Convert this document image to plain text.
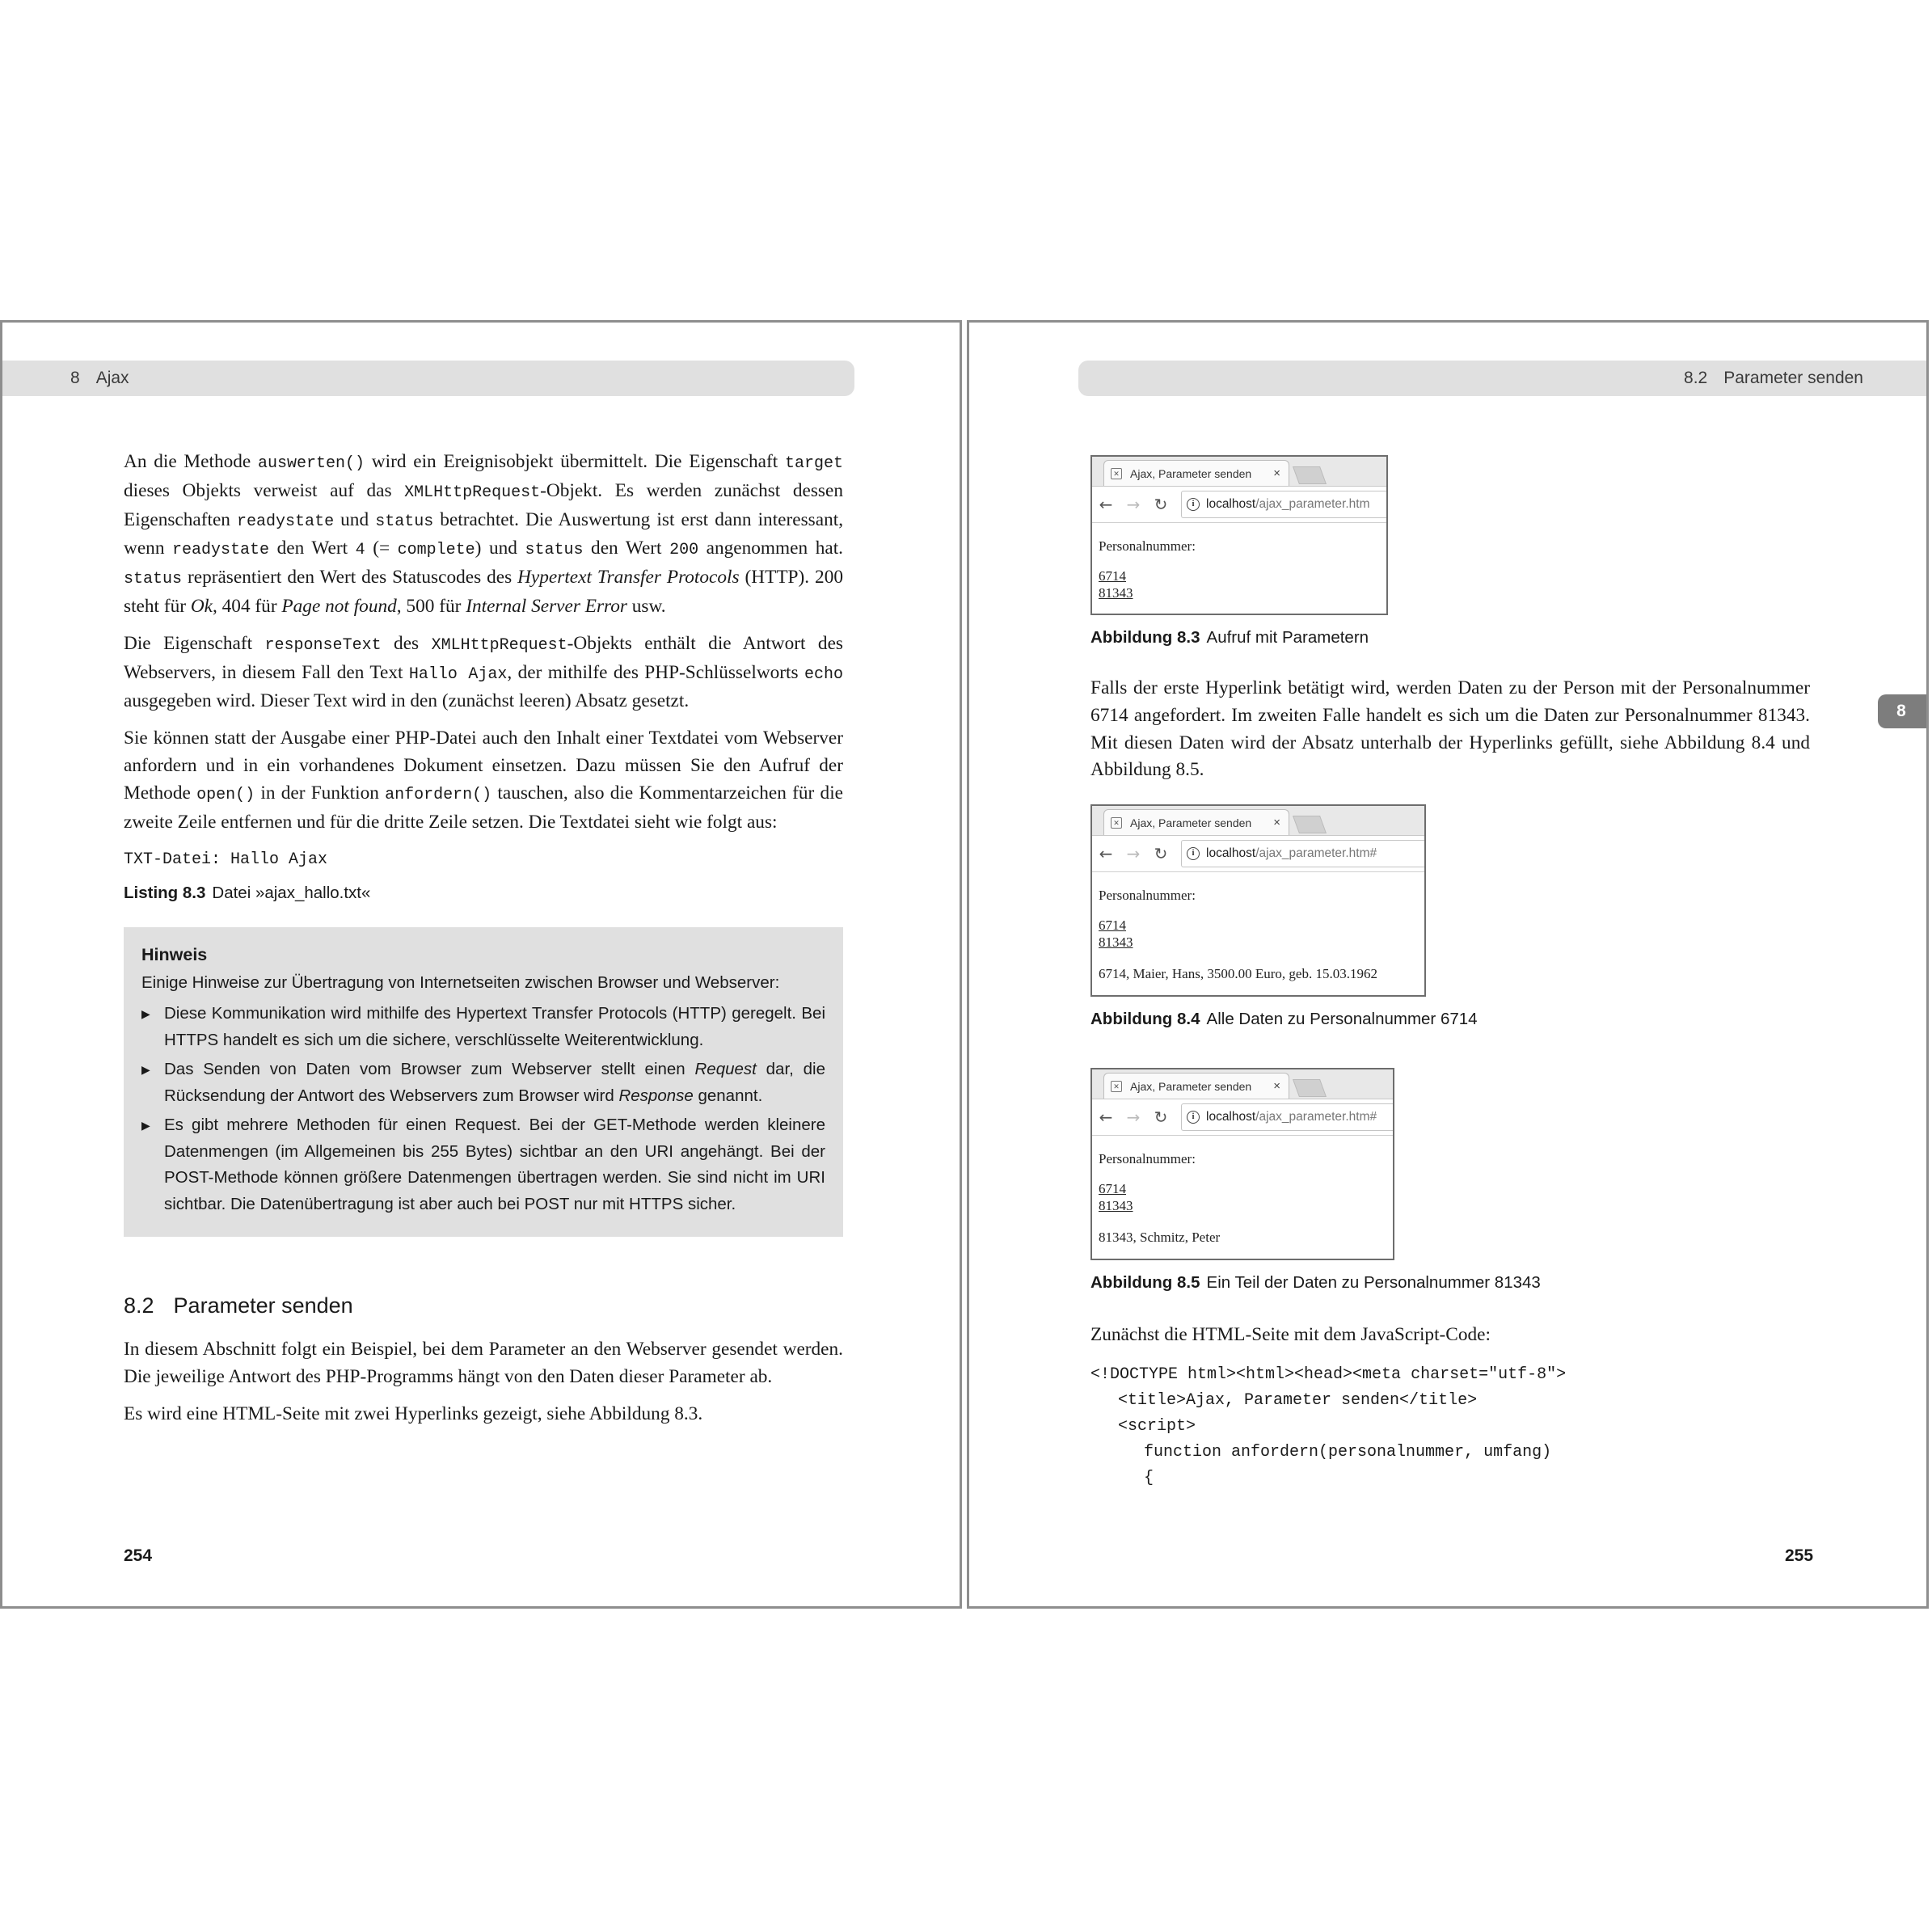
8 Ajax

An die Methode auswerten() wird ein Ereignisobjekt übermittelt. Die Eigenschaft target dieses Objekts verweist auf das XMLHttpRequest-Objekt. Es werden zunächst dessen Eigenschaften readystate und status betrachtet. Die Auswertung ist erst dann interessant, wenn readystate den Wert 4 (= complete) und status den Wert 200 angenommen hat. status repräsentiert den Wert des Statuscodes des Hypertext Transfer Protocols (HTTP). 200 steht für Ok, 404 für Page not found, 500 für Internal Server Error usw.

Die Eigenschaft responseText des XMLHttpRequest-Objekts enthält die Antwort des Webservers, in diesem Fall den Text Hallo Ajax, der mithilfe des PHP-Schlüsselworts echo ausgegeben wird. Dieser Text wird in den (zunächst leeren) Absatz gesetzt.

Sie können statt der Ausgabe einer PHP-Datei auch den Inhalt einer Textdatei vom Webserver anfordern und in ein vorhandenes Dokument einsetzen. Dazu müssen Sie den Aufruf der Methode open() in der Funktion anfordern() tauschen, also die Kommentarzeichen für die zweite Zeile entfernen und für die dritte Zeile setzen. Die Textdatei sieht wie folgt aus:

TXT-Datei: Hallo Ajax

Listing 8.3 Datei »ajax_hallo.txt«

Hinweis

Einige Hinweise zur Übertragung von Internetseiten zwischen Browser und Webserver:

▶ Diese Kommunikation wird mithilfe des Hypertext Transfer Protocols (HTTP) geregelt. Bei HTTPS handelt es sich um die sichere, verschlüsselte Weiterentwicklung.
▶ Das Senden von Daten vom Browser zum Webserver stellt einen Request dar, die Rücksendung der Antwort des Webservers zum Browser wird Response genannt.
▶ Es gibt mehrere Methoden für einen Request. Bei der GET-Methode werden kleinere Datenmengen (im Allgemeinen bis 255 Bytes) sichtbar an den URI angehängt. Bei der POST-Methode können größere Datenmengen übertragen werden. Sie sind nicht im URI sichtbar. Die Datenübertragung ist aber auch bei POST nur mit HTTPS sicher.
8.2 Parameter senden

In diesem Abschnitt folgt ein Beispiel, bei dem Parameter an den Webserver gesendet werden. Die jeweilige Antwort des PHP-Programms hängt von den Daten dieser Parameter ab.

Es wird eine HTML-Seite mit zwei Hyperlinks gezeigt, siehe Abbildung 8.3.

254
8.2 Parameter senden
8
✕ Ajax, Parameter senden ×
← → ↻	i localhost /ajax_parameter.htm

Personalnummer:

6714
81343

Abbildung 8.3 Aufruf mit Parametern

Falls der erste Hyperlink betätigt wird, werden Daten zu der Person mit der Personalnummer 6714 angefordert. Im zweiten Falle handelt es sich um die Daten zur Personalnummer 81343. Mit diesen Daten wird der Absatz unterhalb der Hyperlinks gefüllt, siehe Abbildung 8.4 und Abbildung 8.5.

✕ Ajax, Parameter senden ×
← → ↻	i localhost /ajax_parameter.htm#

Personalnummer:

6714
81343

6714, Maier, Hans, 3500.00 Euro, geb. 15.03.1962

Abbildung 8.4 Alle Daten zu Personalnummer 6714

✕ Ajax, Parameter senden ×
← → ↻	i localhost /ajax_parameter.htm#

Personalnummer:

6714
81343

81343, Schmitz, Peter

Abbildung 8.5 Ein Teil der Daten zu Personalnummer 81343

Zunächst die HTML-Seite mit dem JavaScript-Code:

<!DOCTYPE html><html><head><meta charset="utf-8">
<title>Ajax, Parameter senden</title>
<script>
function anfordern(personalnummer, umfang)
{
255
